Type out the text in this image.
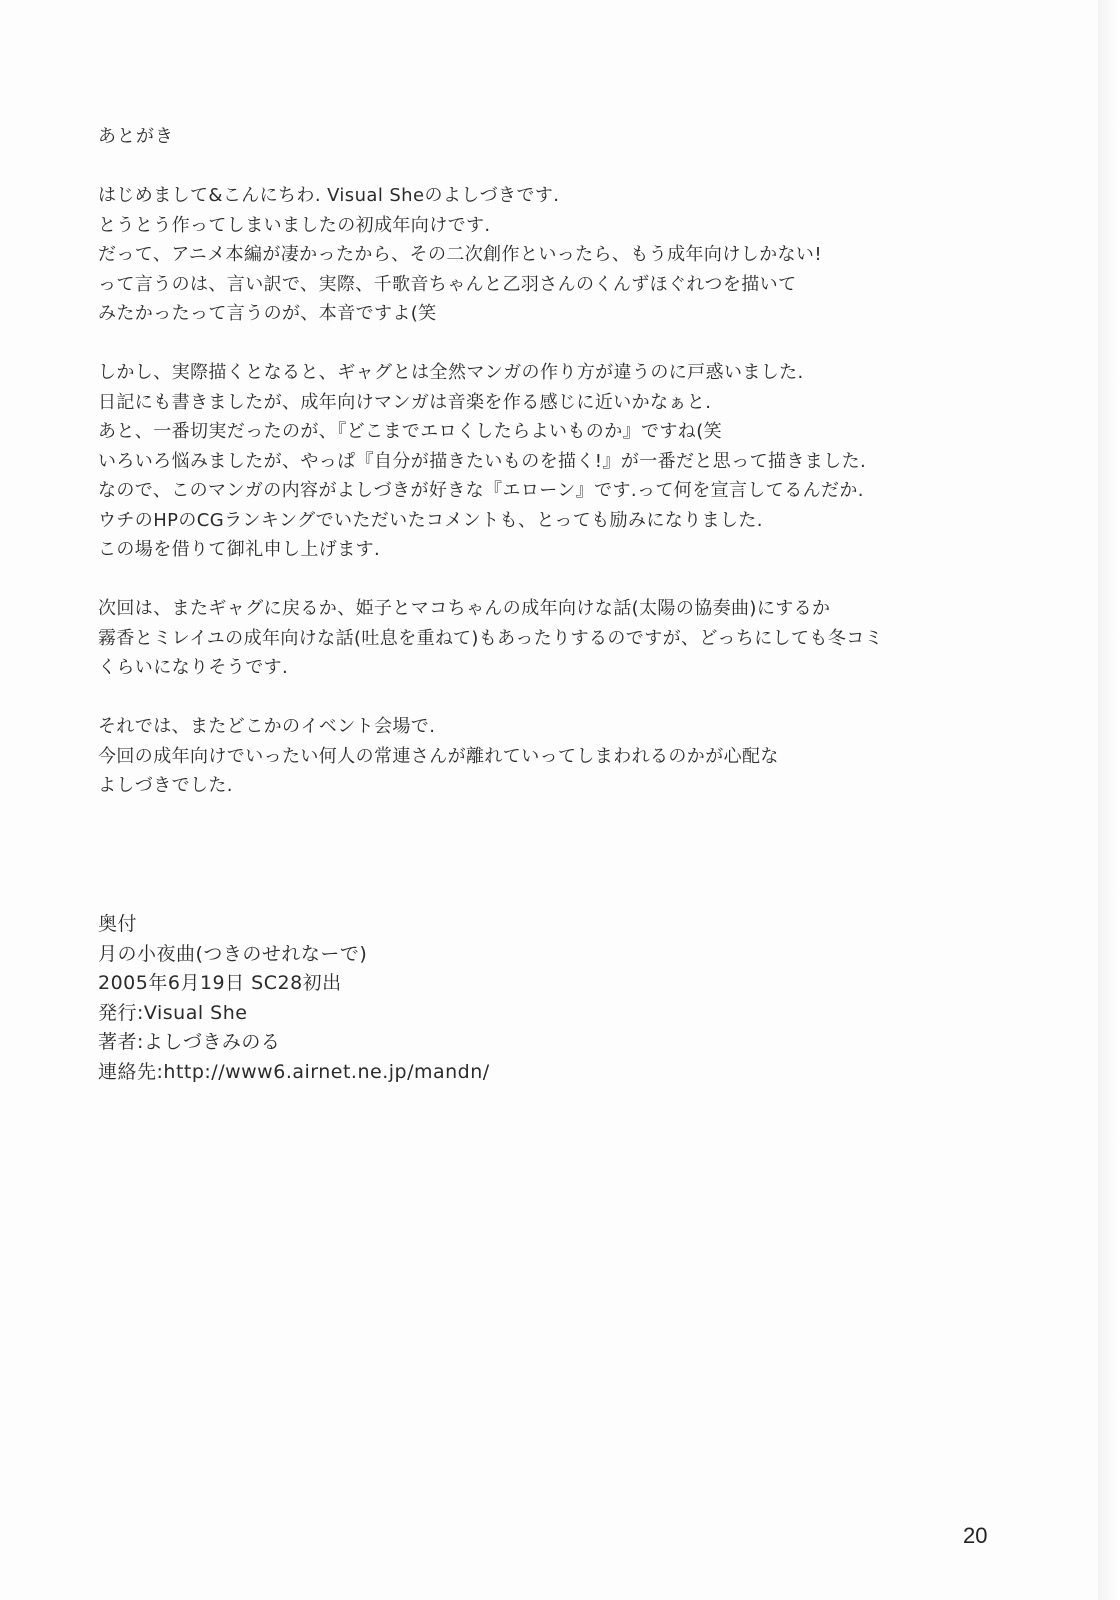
あとがき
はじめまして&こんにちわ. Visual Sheのよしづきです.
とうとう作ってしまいましたの初成年向けです.
だって、アニメ本編が凄かったから、その二次創作といったら、もう成年向けしかない!
って言うのは、言い訳で、実際、千歌音ちゃんと乙羽さんのくんずほぐれつを描いて
みたかったって言うのが、本音ですよ(笑
しかし、実際描くとなると、ギャグとは全然マンガの作り方が違うのに戸惑いました.
日記にも書きましたが、成年向けマンガは音楽を作る感じに近いかなぁと.
あと、一番切実だったのが、『どこまでエロくしたらよいものか』ですね(笑
いろいろ悩みましたが、やっぱ『自分が描きたいものを描く!』が一番だと思って描きました.
なので、このマンガの内容がよしづきが好きな『エローン』です.って何を宣言してるんだか.
ウチのHPのCGランキングでいただいたコメントも、とっても励みになりました.
この場を借りて御礼申し上げます.
次回は、またギャグに戻るか、姫子とマコちゃんの成年向けな話(太陽の協奏曲)にするか
霧香とミレイユの成年向けな話(吐息を重ねて)もあったりするのですが、どっちにしても冬コミ
くらいになりそうです.
それでは、またどこかのイベント会場で.
今回の成年向けでいったい何人の常連さんが離れていってしまわれるのかが心配な
よしづきでした.
奥付
月の小夜曲(つきのせれなーで)
2005年6月19日 SC28初出
発行:Visual She
著者:よしづきみのる
連絡先:http://www6.airnet.ne.jp/mandn/
20
